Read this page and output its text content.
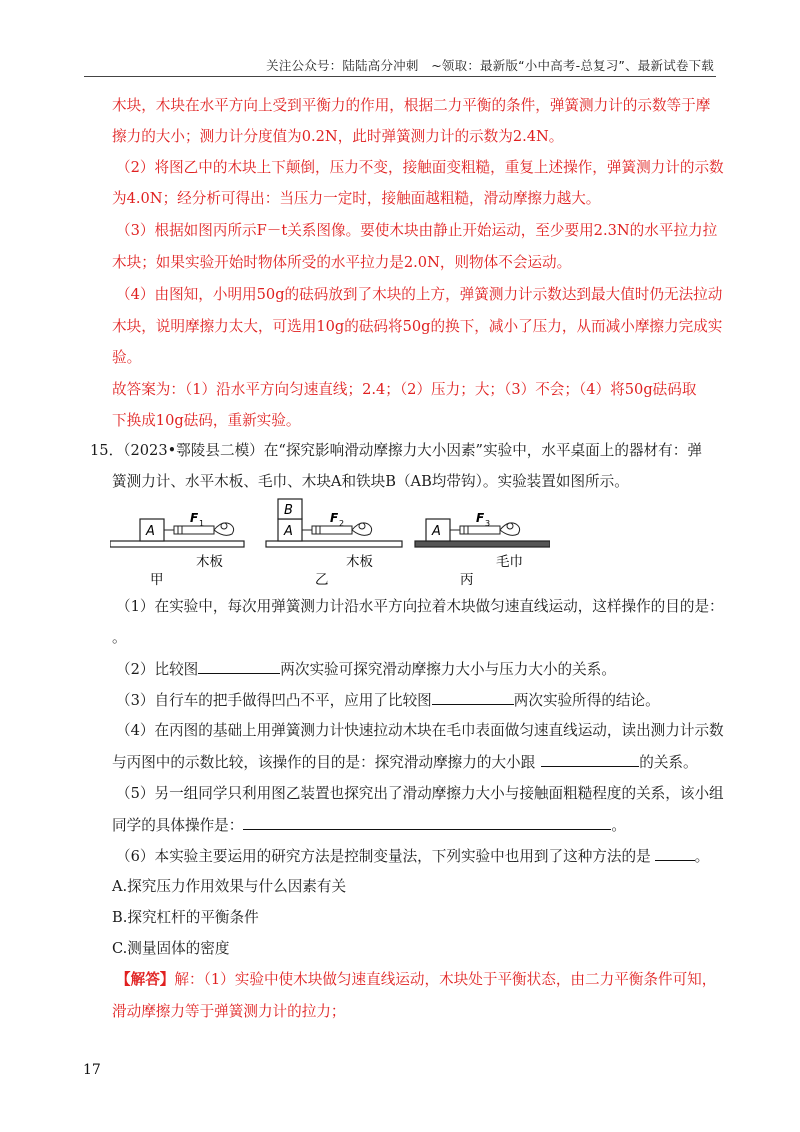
关注公众号：陆陆高分冲刺　~领取：最新版“小中高考-总复习”、最新试卷下载
木块，木块在水平方向上受到平衡力的作用，根据二力平衡的条件，弹簧测力计的示数等于摩
擦力的大小；测力计分度值为0.2N，此时弹簧测力计的示数为2.4N。
（2）将图乙中的木块上下颠倒，压力不变，接触面变粗糙，重复上述操作，弹簧测力计的示数
为4.0N；经分析可得出：当压力一定时，接触面越粗糙，滑动摩擦力越大。
（3）根据如图丙所示F－t关系图像。要使木块由静止开始运动，至少要用2.3N的水平拉力拉
木块；如果实验开始时物体所受的水平拉力是2.0N，则物体不会运动。
（4）由图知，小明用50g的砝码放到了木块的上方，弹簧测力计示数达到最大值时仍无法拉动
木块，说明摩擦力太大，可选用10g的砝码将50g的换下，减小了压力，从而减小摩擦力完成实
验。
故答案为：（1）沿水平方向匀速直线；2.4；（2）压力；大；（3）不会；（4）将50g砝码取
下换成10g砝码，重新实验。
15．（2023•鄠陵县二模）在“探究影响滑动摩擦力大小因素”实验中，水平桌面上的器材有：弹
簧测力计、水平木板、毛巾、木块A和铁块B（AB均带钩）。实验装置如图所示。
A
F 1
B
A
F 2
A
F 3
木板
甲
木板
乙
毛巾
丙
（1）在实验中，每次用弹簧测力计沿水平方向拉着木块做匀速直线运动，这样操作的目的是：
。
（2）比较图	两次实验可探究滑动摩擦力大小与压力大小的关系。
（3）自行车的把手做得凹凸不平，应用了比较图	两次实验所得的结论。
（4）在丙图的基础上用弹簧测力计快速拉动木块在毛巾表面做匀速直线运动，读出测力计示数
与丙图中的示数比较，该操作的目的是：探究滑动摩擦力的大小跟	的关系。
（5）另一组同学只利用图乙装置也探究出了滑动摩擦力大小与接触面粗糙程度的关系，该小组
同学的具体操作是：	。
（6）本实验主要运用的研究方法是控制变量法，下列实验中也用到了这种方法的是	。
A.探究压力作用效果与什么因素有关
B.探究杠杆的平衡条件
C.测量固体的密度
【解答】解：（1）实验中使木块做匀速直线运动，木块处于平衡状态，由二力平衡条件可知，
滑动摩擦力等于弹簧测力计的拉力；
17
